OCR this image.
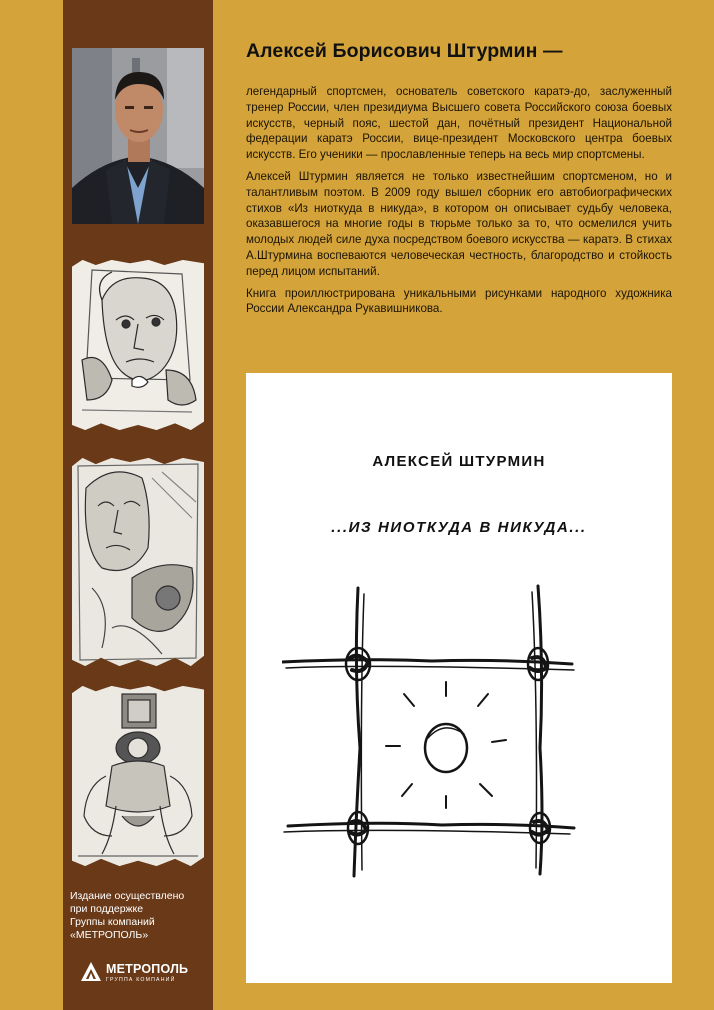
Издание осуществлено
при поддержке
Группы компаний
«МЕТРОПОЛЬ»
МЕТРОПОЛЬ
ГРУППА КОМПАНИЙ
Алексей Борисович Штурмин —

легендарный спортсмен, основатель советского каратэ-до, заслуженный тренер России, член президиума Высшего совета Российского союза боевых искусств, черный пояс, шестой дан, почётный президент Национальной федерации каратэ России, вице-президент Московского центра боевых искусств. Его ученики — прославленные теперь на весь мир спортсмены.

Алексей Штурмин является не только известнейшим спортсменом, но и талантливым поэтом. В 2009 году вышел сборник его автобиографических стихов «Из ниоткуда в никуда», в котором он описывает судьбу человека, оказавшегося на многие годы в тюрьме только за то, что осмелился учить молодых людей силе духа посредством боевого искусства — каратэ. В стихах А.Штурмина воспеваются человеческая честность, благородство и стойкость перед лицом испытаний.

Книга проиллюстрирована уникальными рисунками народного художника России Александра Рукавишникова.

АЛЕКСЕЙ ШТУРМИН
...ИЗ НИОТКУДА В НИКУДА...
